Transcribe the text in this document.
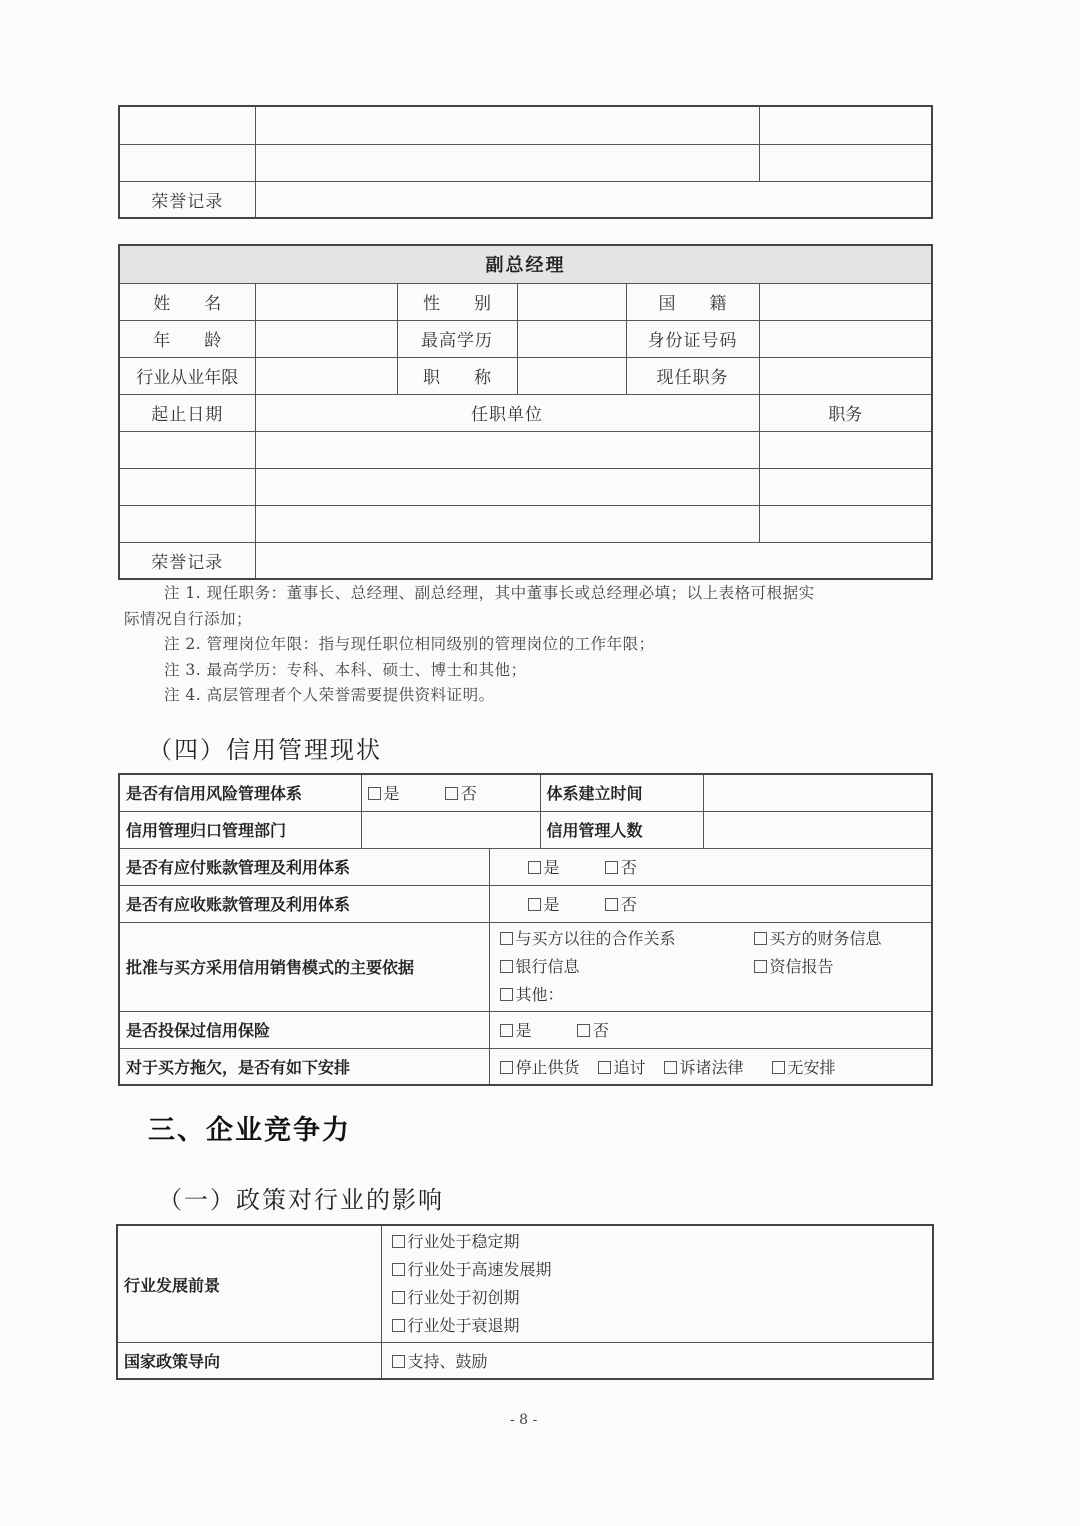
荣誉记录		
副总经理					
姓　　名		性　　别		国　　籍	
年　　龄		最高学历		身份证号码	
行业从业年限		职　　称		现任职务	
起止日期	任职单位				职务

荣誉记录					

注 1. 现任职务：董事长、总经理、副总经理，其中董事长或总经理必填；以上表格可根据实

际情况自行添加；

注 2. 管理岗位年限：指与现任职位相同级别的管理岗位的工作年限；

注 3. 最高学历：专科、本科、硕士、博士和其他；

注 4. 高层管理者个人荣誉需要提供资料证明。

（四）信用管理现状
是否有信用风险管理体系	是 否		体系建立时间	
信用管理归口管理部门			信用管理人数	
是否有应付账款管理及利用体系		是 否		
是否有应收账款管理及利用体系		是 否		
批准与买方采用信用销售模式的主要依据		与买方以往的合作关系 买方的财务信息
银行信息 资信报告
其他：		

是否投保过信用保险		是 否		
对于买方拖欠，是否有如下安排		停止供货 追讨 诉诸法律 无安排		
三、企业竞争力
（一）政策对行业的影响
行业发展前景	行业处于稳定期
行业处于高速发展期
行业处于初创期
行业处于衰退期

国家政策导向	支持、鼓励
- 8 -
